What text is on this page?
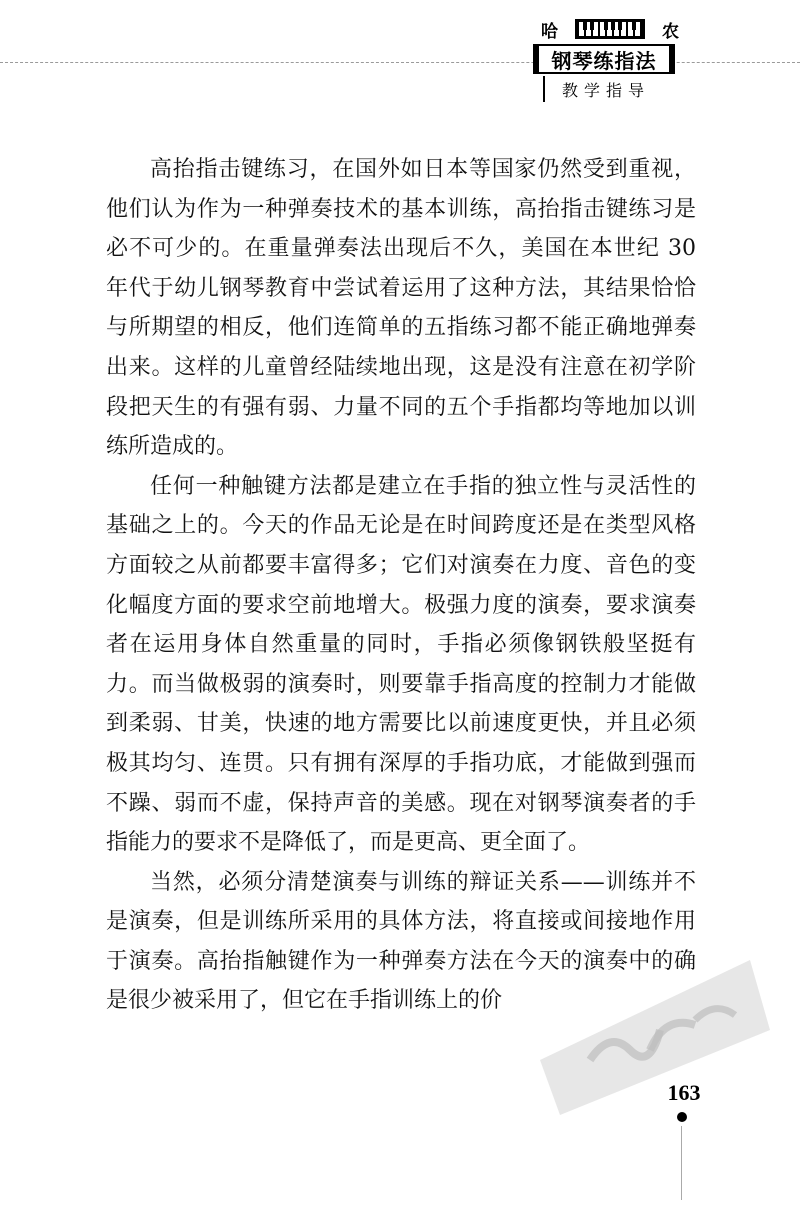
哈	农
钢琴练指法
教学指导

高抬指击键练习，在国外如日本等国家仍然受到重视，他们认为作为一种弹奏技术的基本训练，高抬指击键练习是必不可少的。在重量弹奏法出现后不久，美国在本世纪 30 年代于幼儿钢琴教育中尝试着运用了这种方法，其结果恰恰与所期望的相反，他们连简单的五指练习都不能正确地弹奏出来。这样的儿童曾经陆续地出现，这是没有注意在初学阶段把天生的有强有弱、力量不同的五个手指都均等地加以训练所造成的。

任何一种触键方法都是建立在手指的独立性与灵活性的基础之上的。今天的作品无论是在时间跨度还是在类型风格方面较之从前都要丰富得多；它们对演奏在力度、音色的变化幅度方面的要求空前地增大。极强力度的演奏，要求演奏者在运用身体自然重量的同时，手指必须像钢铁般坚挺有力。而当做极弱的演奏时，则要靠手指高度的控制力才能做到柔弱、甘美，快速的地方需要比以前速度更快，并且必须极其均匀、连贯。只有拥有深厚的手指功底，才能做到强而不躁、弱而不虚，保持声音的美感。现在对钢琴演奏者的手指能力的要求不是降低了，而是更高、更全面了。

当然，必须分清楚演奏与训练的辩证关系——训练并不是演奏，但是训练所采用的具体方法，将直接或间接地作用于演奏。高抬指触键作为一种弹奏方法在今天的演奏中的确是很少被采用了，但它在手指训练上的价

163
